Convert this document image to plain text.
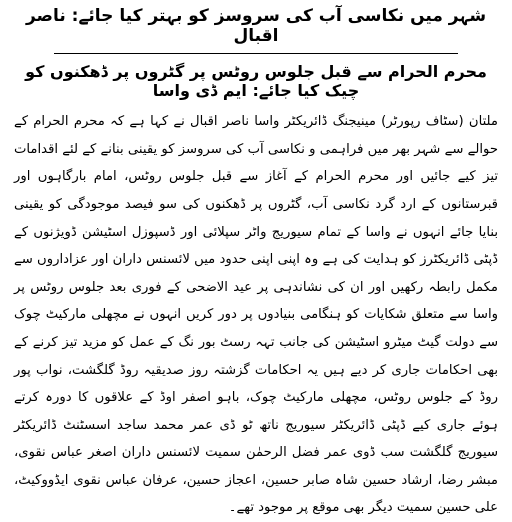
شہر میں نکاسی آب کی سروسز کو بہتر کیا جائے: ناصر اقبال
محرم الحرام سے قبل جلوس روٹس پر گٹروں پر ڈھکنوں کو چیک کیا جائے: ایم ڈی واسا

ملتان (سٹاف رپورٹر) مینیجنگ ڈائریکٹر واسا ناصر اقبال نے کہا ہے کہ محرم الحرام کے حوالے سے شہر بھر میں فراہمی و نکاسی آب کی سروسز کو یقینی بنانے کے لئے اقدامات تیز کیے جائیں اور محرم الحرام کے آغاز سے قبل جلوس روٹس، امام بارگاہوں اور قبرستانوں کے ارد گرد نکاسی آب، گٹروں پر ڈھکنوں کی سو فیصد موجودگی کو یقینی بنایا جائے انہوں نے واسا کے تمام سیوریج واٹر سپلائی اور ڈسپوزل اسٹیشن ڈویژنوں کے ڈپٹی ڈائریکٹرز کو ہدایت کی ہے وہ اپنی اپنی حدود میں لائسنس داران اور عزاداروں سے مکمل رابطہ رکھیں اور ان کی نشاندہی پر عید الاضحی کے فوری بعد جلوس روٹس پر واسا سے متعلق شکایات کو ہنگامی بنیادوں پر دور کریں انہوں نے مچھلی مارکیٹ چوک سے دولت گیٹ میٹرو اسٹیشن کی جانب تہہ رسٹ بور نگ کے عمل کو مزید تیز کرنے کے بھی احکامات جاری کر دیے ہیں یہ احکامات گزشتہ روز صدیقیہ روڈ گلگشت، نواب پور روڈ کے جلوس روٹس، مچھلی مارکیٹ چوک، باہو اصفر اوڈ کے علاقوں کا دورہ کرتے ہوئے جاری کیے ڈپٹی ڈائریکٹر سیوریج ناتھ ٹو ڈی عمر محمد ساجد اسسٹنٹ ڈائریکٹر سیوریج گلگشت سب ڈوی عمر فضل الرحمٰن سمیت لائسنس داران اصغر عباس نقوی، مبشر رضا، ارشاد حسین شاہ صابر حسین، اعجاز حسین، عرفان عباس نقوی ایڈووکیٹ، علی حسین سمیت دیگر بھی موقع پر موجود تھے۔
